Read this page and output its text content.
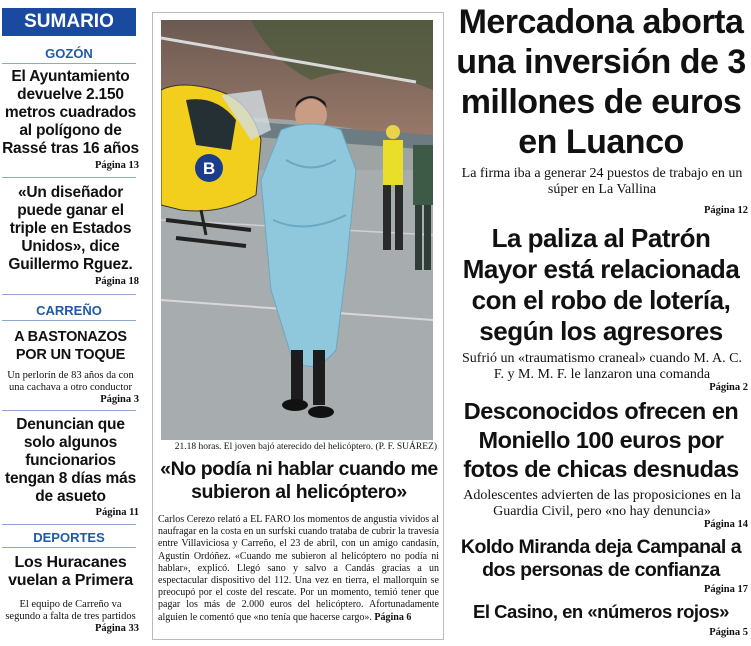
SUMARIO
GOZÓN
El Ayuntamiento devuelve 2.150 metros cuadrados al polígono de Rassé tras 16 años
Página 13
«Un diseñador puede ganar el triple en Estados Unidos», dice Guillermo Rguez.
Página 18
CARREÑO
A BASTONAZOS POR UN TOQUE
Un perlorín de 83 años da con una cachava a otro conductor
Página 3
Denuncian que solo algunos funcionarios tengan 8 días más de asueto
Página 11
DEPORTES
Los Huracanes vuelan a Primera
El equipo de Carreño va segundo a falta de tres partidos
Página 33
B
21.18 horas. El joven bajó aterecido del helicóptero. (P. F. SUÁREZ)
«No podía ni hablar cuando me subieron al helicóptero»
Carlos Cerezo relató a EL FARO los momentos de angustia vividos al naufragar en la costa en un surfski cuando trataba de cubrir la travesía entre Villaviciosa y Carreño, el 23 de abril, con un amigo candasín, Agustín Ordóñez. «Cuando me subieron al helicóptero no podía ni hablar», explicó. Llegó sano y salvo a Candás gracias a un espectacular dispositivo del 112. Una vez en tierra, el mallorquín se preocupó por el coste del rescate. Por un momento, temió tener que pagar los más de 2.000 euros del helicóptero. Afortunadamente alguien le comentó que «no tenía que hacerse cargo». Página 6
Mercadona aborta una inversión de 3 millones de euros en Luanco
La firma iba a generar 24 puestos de trabajo en un súper en La Vallina
Página 12
La paliza al Patrón Mayor está relacionada con el robo de lotería, según los agresores
Sufrió un «traumatismo craneal» cuando M. A. C. F. y M. M. F. le lanzaron una comanda
Página 2
Desconocidos ofrecen en Moniello 100 euros por fotos de chicas desnudas
Adolescentes advierten de las proposiciones en la Guardia Civil, pero «no hay denuncia»
Página 14
Koldo Miranda deja Campanal a dos personas de confianza
Página 17
El Casino, en «números rojos»
Página 5
